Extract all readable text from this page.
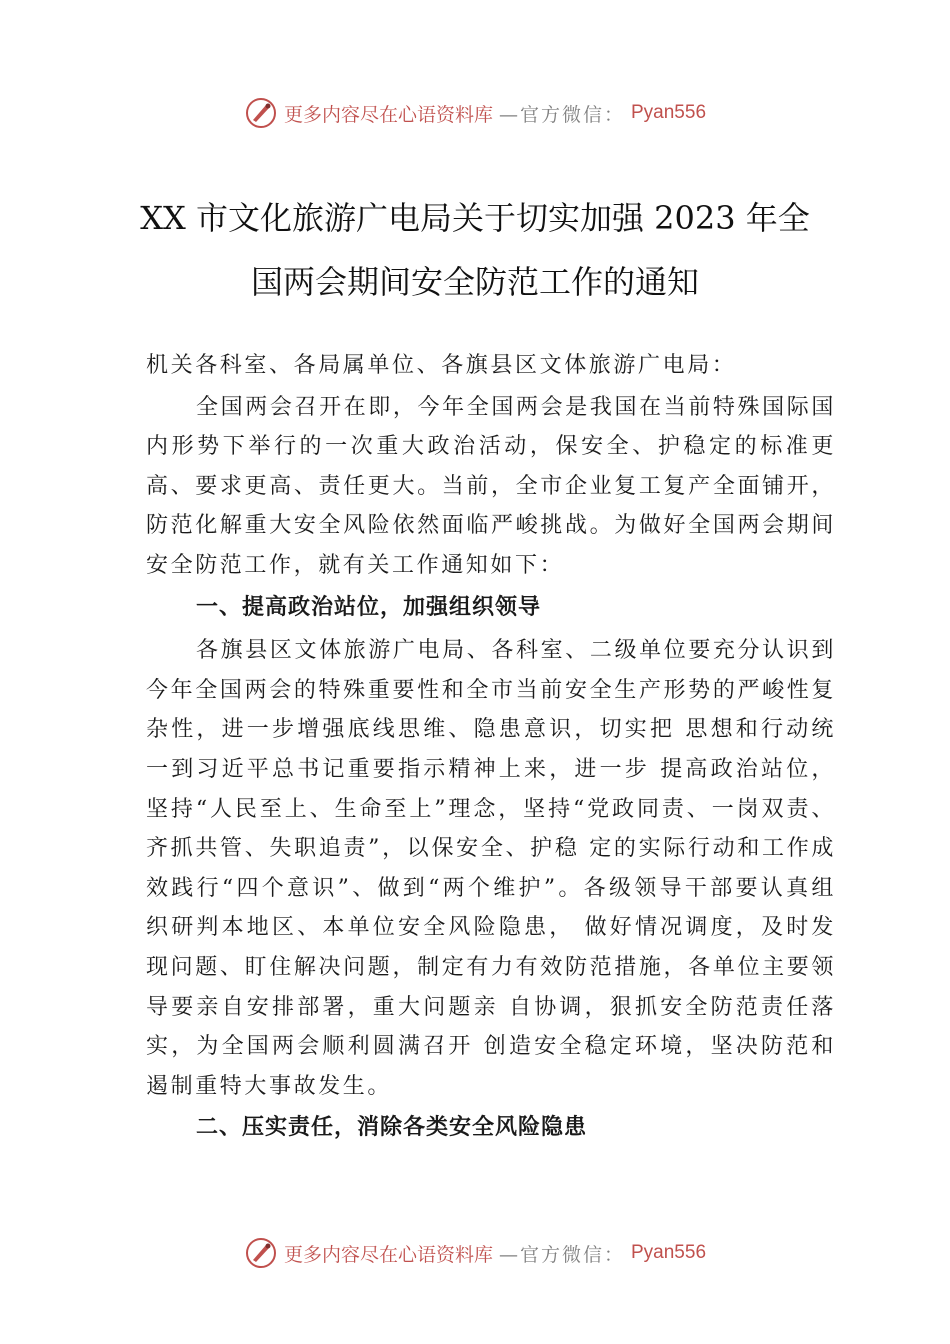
更多内容尽在心语资料库 —官方微信： Pyan556
XX 市文化旅游广电局关于切实加强 2023 年全国两会期间安全防范工作的通知

机关各科室、各局属单位、各旗县区文体旅游广电局：

全国两会召开在即，今年全国两会是我国在当前特殊国际国内形势下举行的一次重大政治活动，保安全、护稳定的标准更高、要求更高、责任更大。当前，全市企业复工复产全面铺开，防范化解重大安全风险依然面临严峻挑战。为做好全国两会期间安全防范工作，就有关工作通知如下：

一、提高政治站位，加强组织领导

各旗县区文体旅游广电局、各科室、二级单位要充分认识到今年全国两会的特殊重要性和全市当前安全生产形势的严峻性复杂性，进一步增强底线思维、隐患意识，切实把 思想和行动统一到习近平总书记重要指示精神上来，进一步 提高政治站位，坚持“人民至上、生命至上”理念，坚持“党政同责、一岗双责、齐抓共管、失职追责”，以保安全、护稳 定的实际行动和工作成效践行“四个意识”、做到“两个维护”。各级领导干部要认真组织研判本地区、本单位安全风险隐患， 做好情况调度，及时发现问题、盯住解决问题，制定有力有效防范措施，各单位主要领导要亲自安排部署，重大问题亲 自协调，狠抓安全防范责任落实，为全国两会顺利圆满召开 创造安全稳定环境，坚决防范和遏制重特大事故发生。

二、压实责任，消除各类安全风险隐患

更多内容尽在心语资料库 —官方微信： Pyan556
